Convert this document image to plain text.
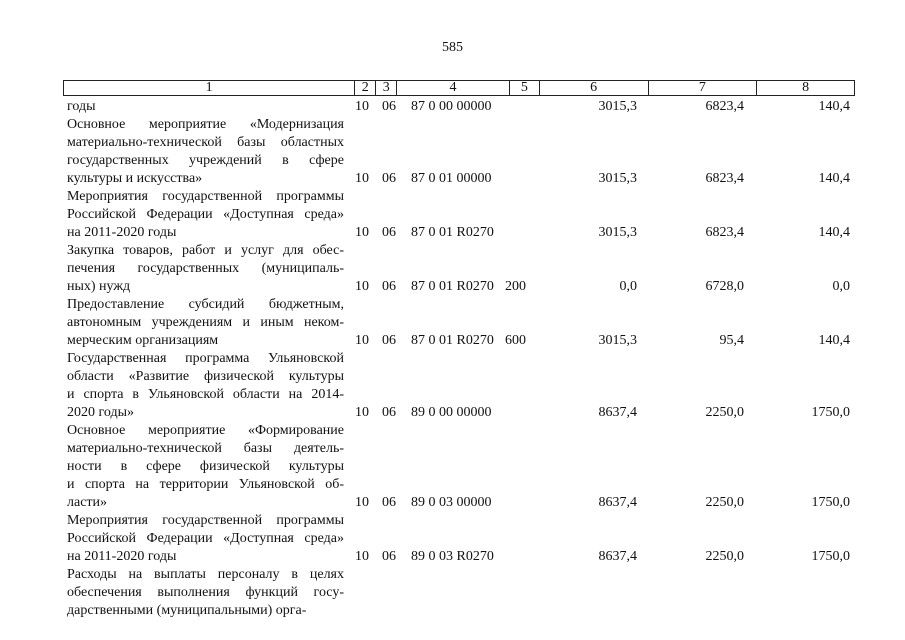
585
1	2 3	4	5	6	7	8
годы	10 06 87 0 00 00000	3015,3	6823,4	140,4
Основное мероприятие «Модернизация
материально-технической базы областных
государственных учреждений в сфере
культуры и искусства»	10 06 87 0 01 00000	3015,3	6823,4	140,4
Мероприятия государственной программы
Российской Федерации «Доступная среда»
на 2011-2020 годы	10 06 87 0 01 R0270	3015,3	6823,4	140,4
Закупка товаров, работ и услуг для обес-
печения государственных (муниципаль-
ных) нужд	10 06 87 0 01 R0270 200	0,0	6728,0	0,0
Предоставление субсидий бюджетным,
автономным учреждениям и иным неком-
мерческим организациям	10 06 87 0 01 R0270 600	3015,3	95,4	140,4
Государственная программа Ульяновской
области «Развитие физической культуры
и спорта в Ульяновской области на 2014-
2020 годы»	10 06 89 0 00 00000	8637,4	2250,0	1750,0
Основное мероприятие «Формирование
материально-технической базы деятель-
ности в сфере физической культуры
и спорта на территории Ульяновской об-
ласти»	10 06 89 0 03 00000	8637,4	2250,0	1750,0
Мероприятия государственной программы
Российской Федерации «Доступная среда»
на 2011-2020 годы	10 06 89 0 03 R0270	8637,4	2250,0	1750,0
Расходы на выплаты персоналу в целях
обеспечения выполнения функций госу-
дарственными (муниципальными) орга-
